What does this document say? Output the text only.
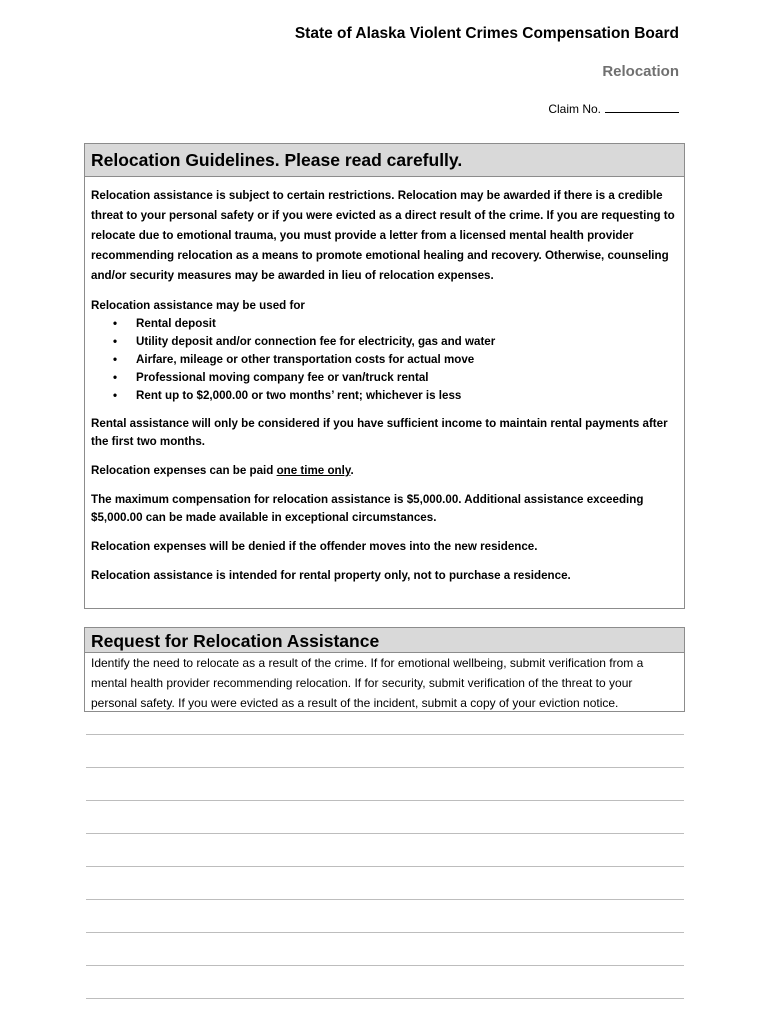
State of Alaska Violent Crimes Compensation Board
Relocation
Claim No.
Relocation Guidelines. Please read carefully.

Relocation assistance is subject to certain restrictions. Relocation may be awarded if there is a credible threat to your personal safety or if you were evicted as a direct result of the crime. If you are requesting to relocate due to emotional trauma, you must provide a letter from a licensed mental health provider recommending relocation as a means to promote emotional healing and recovery. Otherwise, counseling and/or security measures may be awarded in lieu of relocation expenses.

Relocation assistance may be used for

• Rental deposit
• Utility deposit and/or connection fee for electricity, gas and water
• Airfare, mileage or other transportation costs for actual move
• Professional moving company fee or van/truck rental
• Rent up to $2,000.00 or two months’ rent; whichever is less

Rental assistance will only be considered if you have sufficient income to maintain rental payments after the first two months.

Relocation expenses can be paid one time only.

The maximum compensation for relocation assistance is $5,000.00. Additional assistance exceeding $5,000.00 can be made available in exceptional circumstances.

Relocation expenses will be denied if the offender moves into the new residence.

Relocation assistance is intended for rental property only, not to purchase a residence.

Request for Relocation Assistance
Identify the need to relocate as a result of the crime. If for emotional wellbeing, submit verification from a mental health provider recommending relocation. If for security, submit verification of the threat to your personal safety. If you were evicted as a result of the incident, submit a copy of your eviction notice.
